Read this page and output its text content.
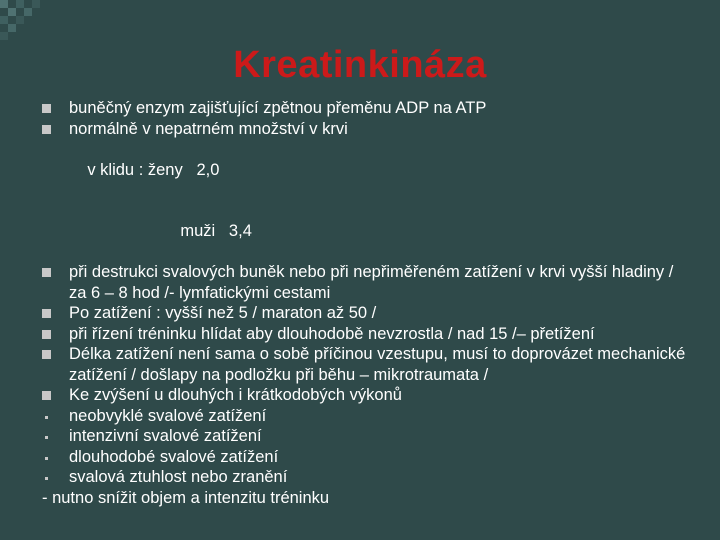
Kreatinkináza
buněčný enzym zajišťující zpětnou přeměnu ADP na ATP
normálně v nepatrném množství v krvi

v klidu : ženy   2,0

muži   3,4

při destrukci svalových buněk nebo při nepřiměřeném zatížení v krvi vyšší hladiny / za 6 – 8 hod /- lymfatickými cestami
Po zatížení : vyšší než 5 / maraton až 50 /
při řízení tréninku hlídat aby dlouhodobě nevzrostla / nad 15 /– přetížení
Délka zatížení není sama o sobě příčinou vzestupu, musí to doprovázet mechanické zatížení / došlapy na podložku při běhu – mikrotraumata /
Ke zvýšení u dlouhých i krátkodobých výkonů
neobvyklé svalové zatížení
intenzivní svalové zatížení
dlouhodobé svalové zatížení
svalová ztuhlost nebo zranění
- nutno snížit objem a intenzitu tréninku
